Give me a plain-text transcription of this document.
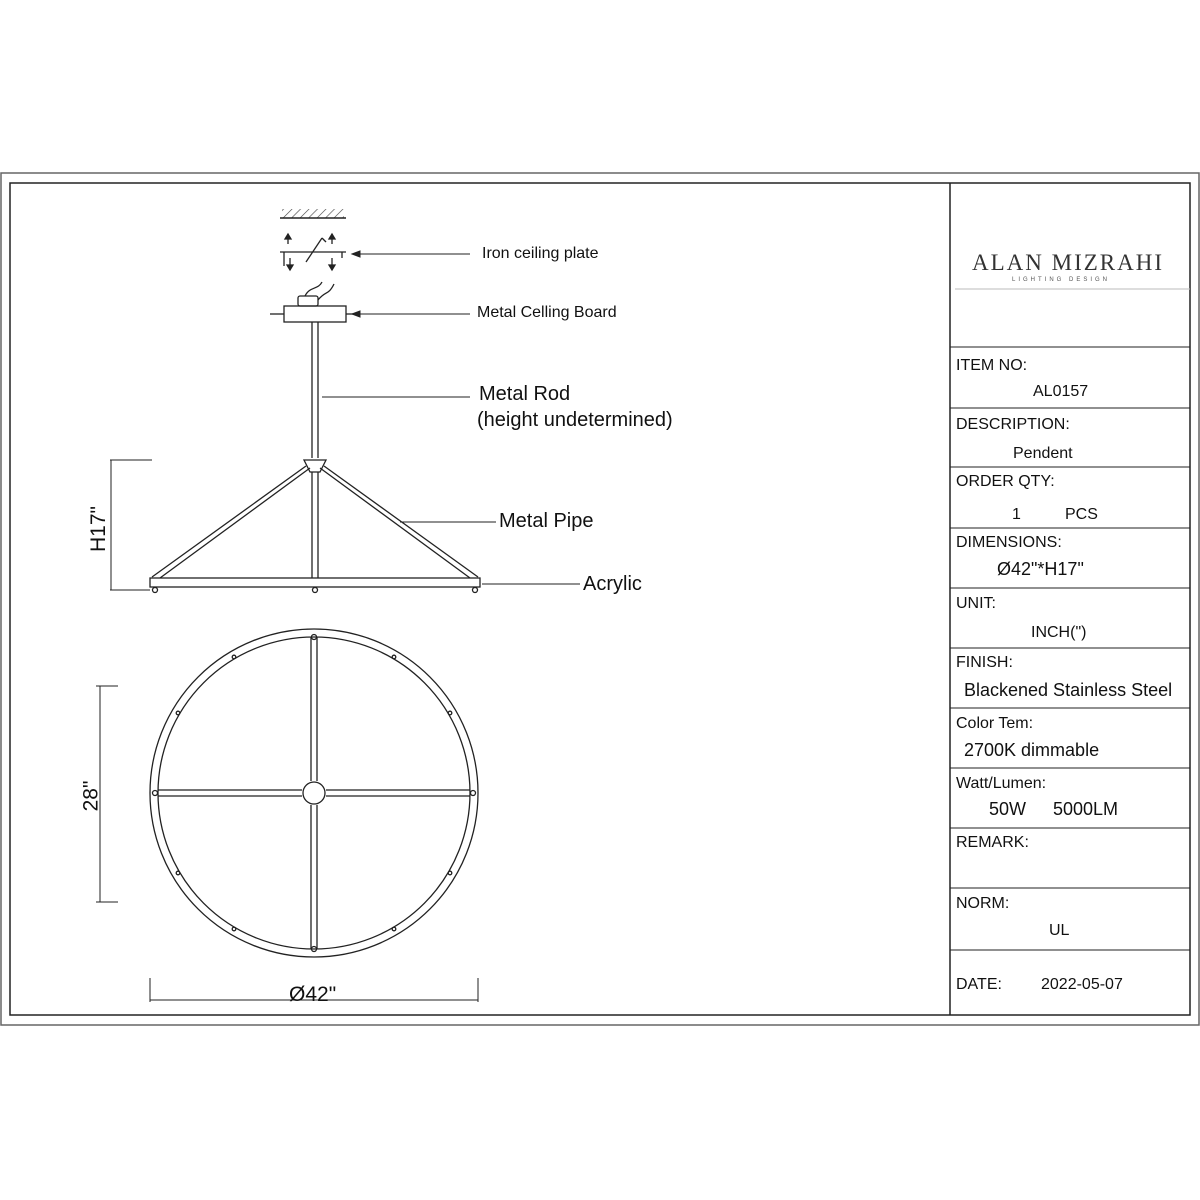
Iron ceiling plate
Metal Celling Board
Metal Rod
(height undetermined)
Metal Pipe
Acrylic
H17"
28"
Ø42"
ALAN MIZRAHI
LIGHTING DESIGN
ITEM NO:
AL0157
DESCRIPTION:
Pendent
ORDER QTY:
1	PCS
DIMENSIONS:
Ø42"*H17"
UNIT:
INCH(")
FINISH:
Blackened Stainless Steel
Color Tem:
2700K dimmable
Watt/Lumen:
50W 5000LM
REMARK:
NORM:
UL
DATE: 2022-05-07
